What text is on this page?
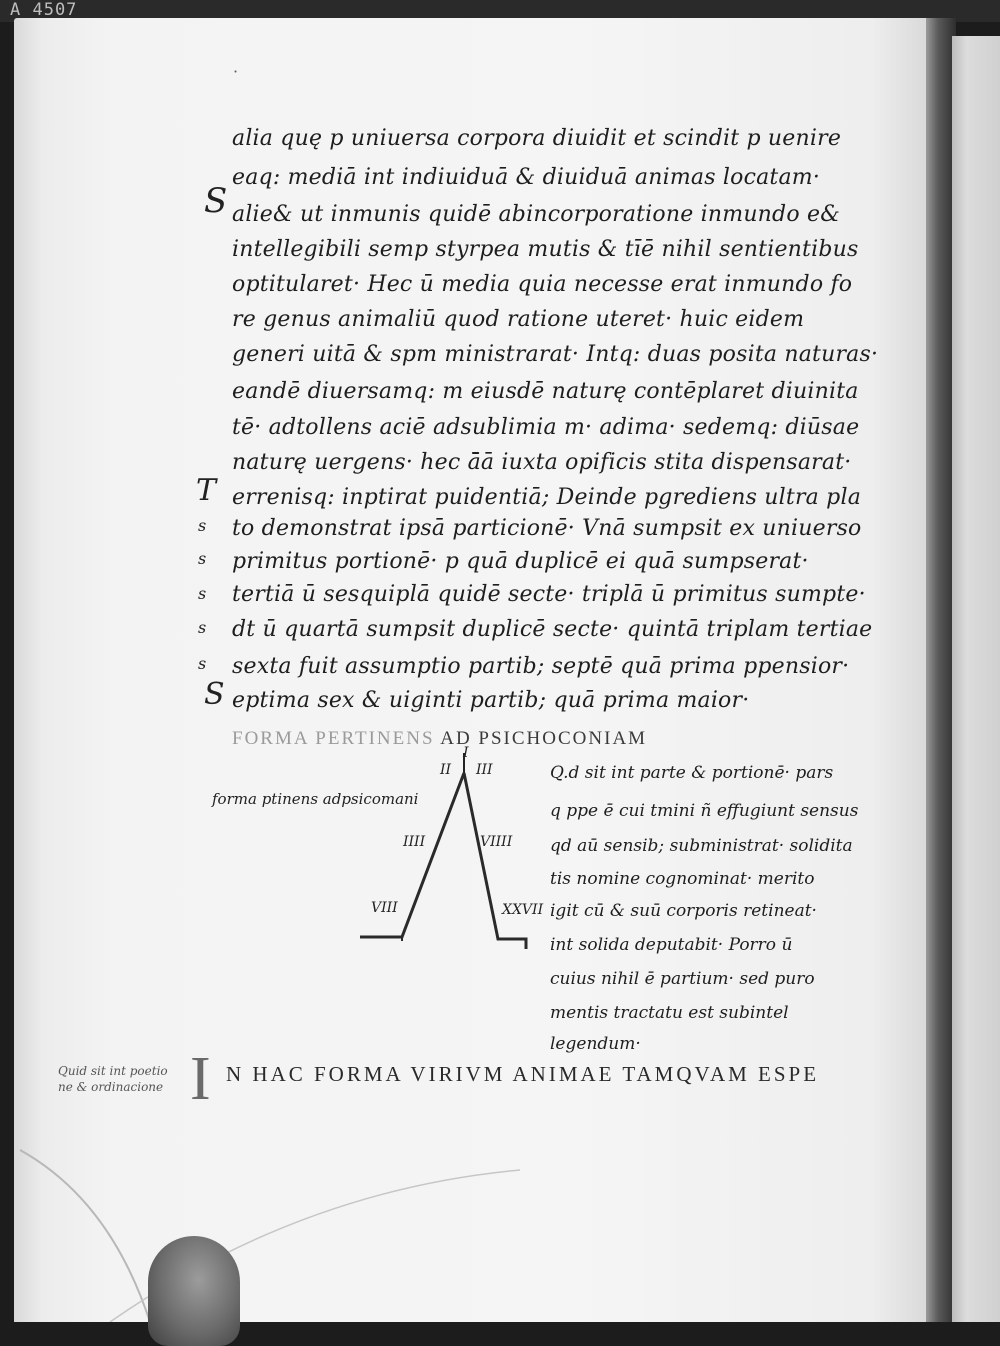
A 4507
·
alia quę p uniuersa corpora diuidit et scindit p uenire
eaq: mediā int indiuiduā & diuiduā animas locatam·
alie& ut inmunis quidē abincorporatione inmundo e&
intellegibili semp styrpea mutis & tīē nihil sentientibus
optitularet· Hec ū media quia necesse erat inmundo fo
re genus animaliū quod ratione uteret· huic eidem
generi uitā & spm ministrarat· Intq: duas posita naturas·
eandē diuersamq: m eiusdē naturę contēplaret diuinita
tē· adtollens aciē adsublimia m· adima· sedemq: diūsae
naturę uergens· hec ā̄ā iuxta opificis stita dispensarat·
errenisq: inptirat puidentiā; Deinde pgrediens ultra pla
to demonstrat ipsā particionē· Vnā sumpsit ex uniuerso
primitus portionē· p quā duplicē ei quā sumpserat·
tertiā ū sesquiplā quidē secte· triplā ū primitus sumpte·
dt ū quartā sumpsit duplicē secte· quintā triplam tertiae
sexta fuit assumptio partib; septē quā prima ppensior·
eptima sex & uiginti partib; quā prima maior·
S
T
s
s
s
s
s
S
FORMA PERTINENS AD PSICHOCONIAM
I
II III
IIII	VIIII
VIII	XXVII
forma ptinens adpsicomani
Q.d sit int parte & portionē· pars
q ppe ē cui tmini ñ effugiunt sensus
qd aū sensib; subministrat· solidita
tis nomine cognominat· merito
igit cū & suū corporis retineat·
int solida deputabit· Porro ū
cuius nihil ē partium· sed puro
mentis tractatu est subintel
legendum·
I N HAC FORMA VIRIVM ANIMAE TAMQVAM ESPE
Quid sit int poetio
ne & ordinacione
